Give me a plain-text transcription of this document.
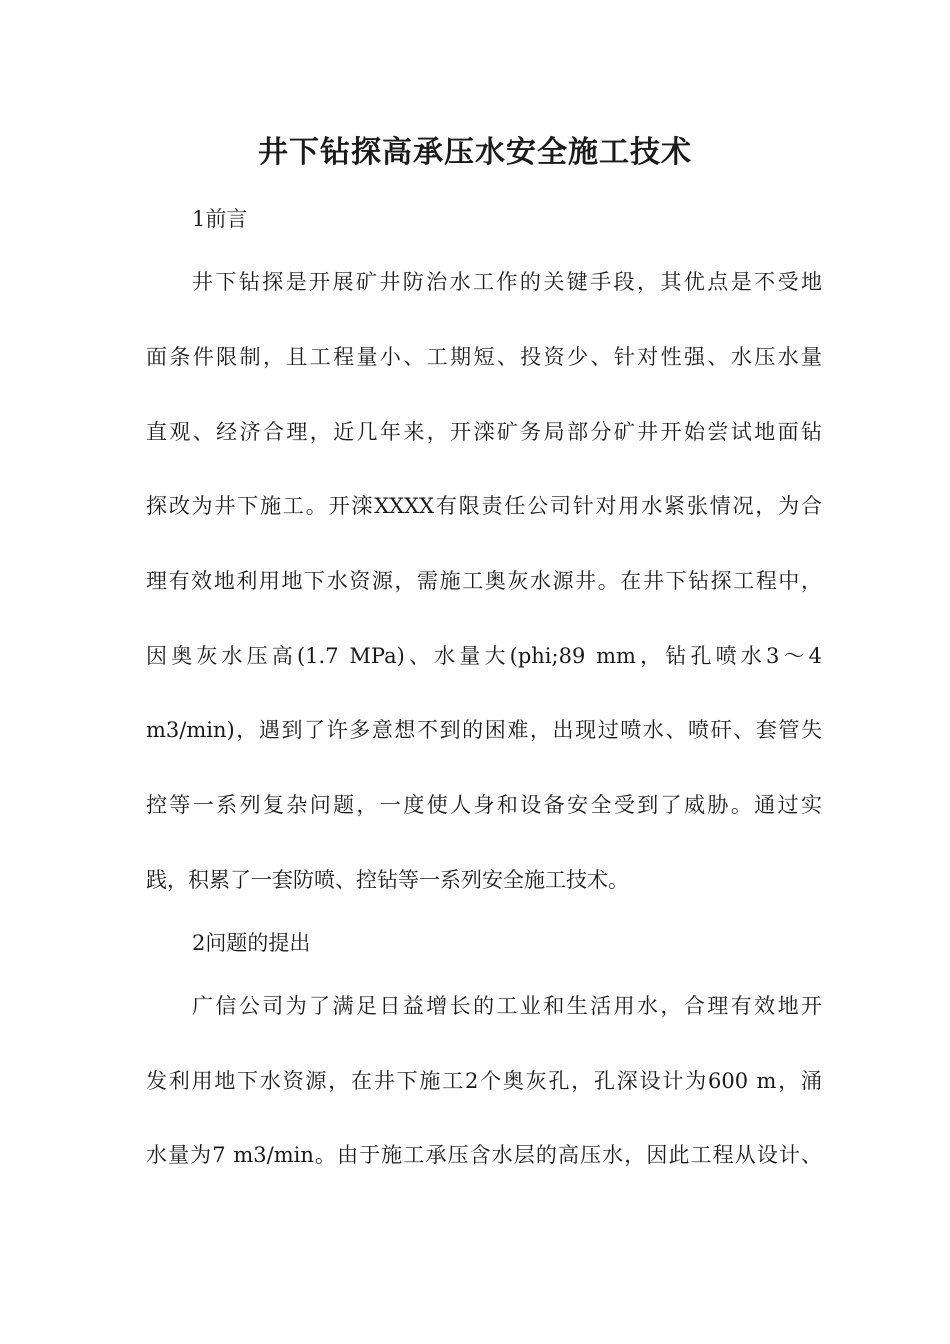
井下钻探高承压水安全施工技术

1前言

井下钻探是开展矿井防治水工作的关键手段，其优点是不受地

面条件限制，且工程量小、工期短、投资少、针对性强、水压水量

直观、经济合理，近几年来，开滦矿务局部分矿井开始尝试地面钻

探改为井下施工。开滦XXXX有限责任公司针对用水紧张情况，为合

理有效地利用地下水资源，需施工奥灰水源井。在井下钻探工程中，

因奥灰水压高(1.7 MPa)、水量大(phi;89 mm，钻孔喷水3～4

m3/min)，遇到了许多意想不到的困难，出现过喷水、喷矸、套管失

控等一系列复杂问题，一度使人身和设备安全受到了威胁。通过实

践，积累了一套防喷、控钻等一系列安全施工技术。

2问题的提出

广信公司为了满足日益增长的工业和生活用水，合理有效地开

发利用地下水资源，在井下施工2个奥灰孔，孔深设计为600 m，涌

水量为7 m3/min。由于施工承压含水层的高压水，因此工程从设计、
